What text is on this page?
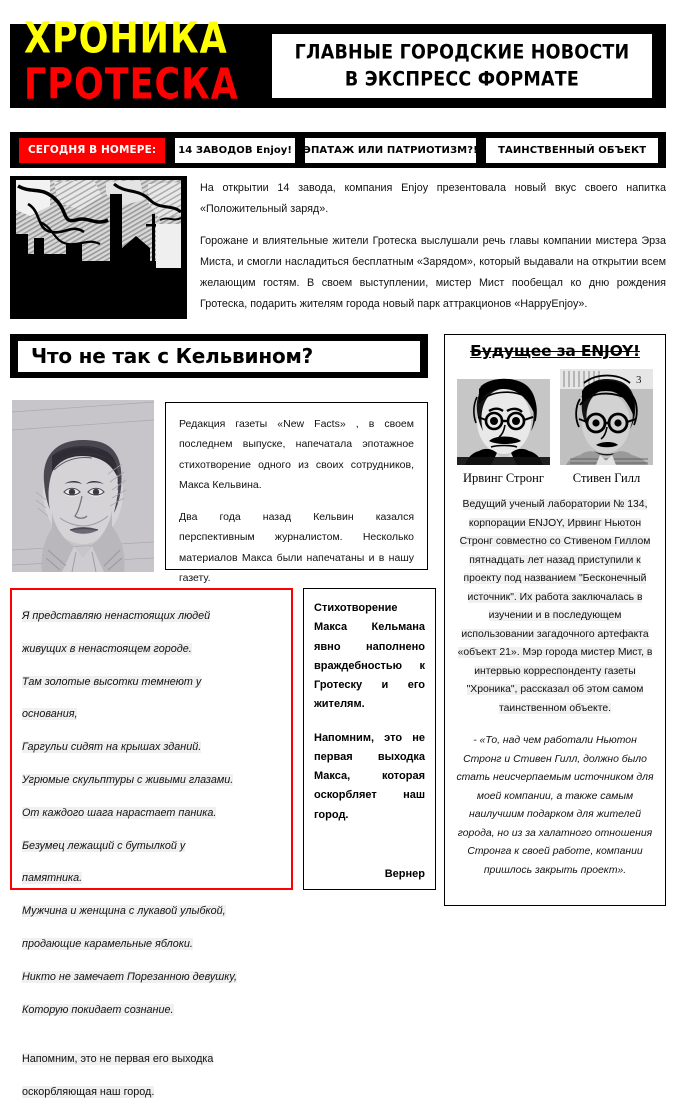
ХРОНИКА
ГРОТЕСКА
ГЛАВНЫЕ ГОРОДСКИЕ НОВОСТИ
В ЭКСПРЕСС ФОРМАТЕ
СЕГОДНЯ В НОМЕРЕ:	14 ЗАВОДОВ Enjoy!	ЭПАТАЖ ИЛИ ПАТРИОТИЗМ?!	ТАИНСТВЕННЫЙ ОБЪЕКТ

На открытии 14 завода, компания Enjoy презентовала новый вкус своего напитка «Положительный заряд».

Горожане и влиятельные жители Гротеска выслушали речь главы компании мистера Эрза Миста, и смогли насладиться бесплатным «Зарядом», который выдавали на открытии всем желающим гостям. В своем выступлении, мистер Мист пообещал ко дню рождения Гротеска, подарить жителям города новый парк аттракционов «HappyEnjoy».

Что не так с Кельвином?

Редакция газеты «New Facts» , в своем последнем выпуске, напечатала эпотажное стихотворение одного из своих сотрудников, Макса Кельвина.

Два года назад Кельвин казался перспективным журналистом. Несколько материалов Макса были напечатаны и в нашу газету.

Я представляю ненастоящих людей
живущих в ненастоящем городе.
Там золотые высотки темнеют у
основания,
Гаргульи сидят на крышах зданий.
Угрюмые скульптуры с живыми глазами.
От каждого шага нарастает паника.
Безумец лежащий с бутылкой у
памятника.
Мужчина и женщина с лукавой улыбкой,
продающие карамельные яблоки.
Никто не замечает Порезанною девушку,
Которую покидает сознание.
Напомним, это не первая его выходка
оскорбляющая наш город.

Стихотворение Макса Кельмана явно наполнено враждебностью к Гротеску и его жителям.

Напомним, это не первая выходка Макса, которая оскорбляет наш город.

Вернер
Будущее за ENJOY!
Ирвинг Стронг
3
Стивен Гилл
Ведущий ученый лаборатории № 134, корпорации ENJOY, Ирвинг Ньютон Стронг совместно со Стивеном Гиллом пятнадцать лет назад приступили к проекту под названием "Бесконечный источник". Их работа заключалась в изучении и в последующем использовании загадочного артефакта «объект 21». Мэр города мистер Мист, в интервью корреспонденту газеты "Хроника", рассказал об этом самом таинственном объекте.
- «То, над чем работали Ньютон Стронг и Стивен Гилл, должно было стать неисчерпаемым источником для моей компании, а также самым наилучшим подарком для жителей города, но из за халатного отношения Стронга к своей работе, компании пришлось закрыть проект».
